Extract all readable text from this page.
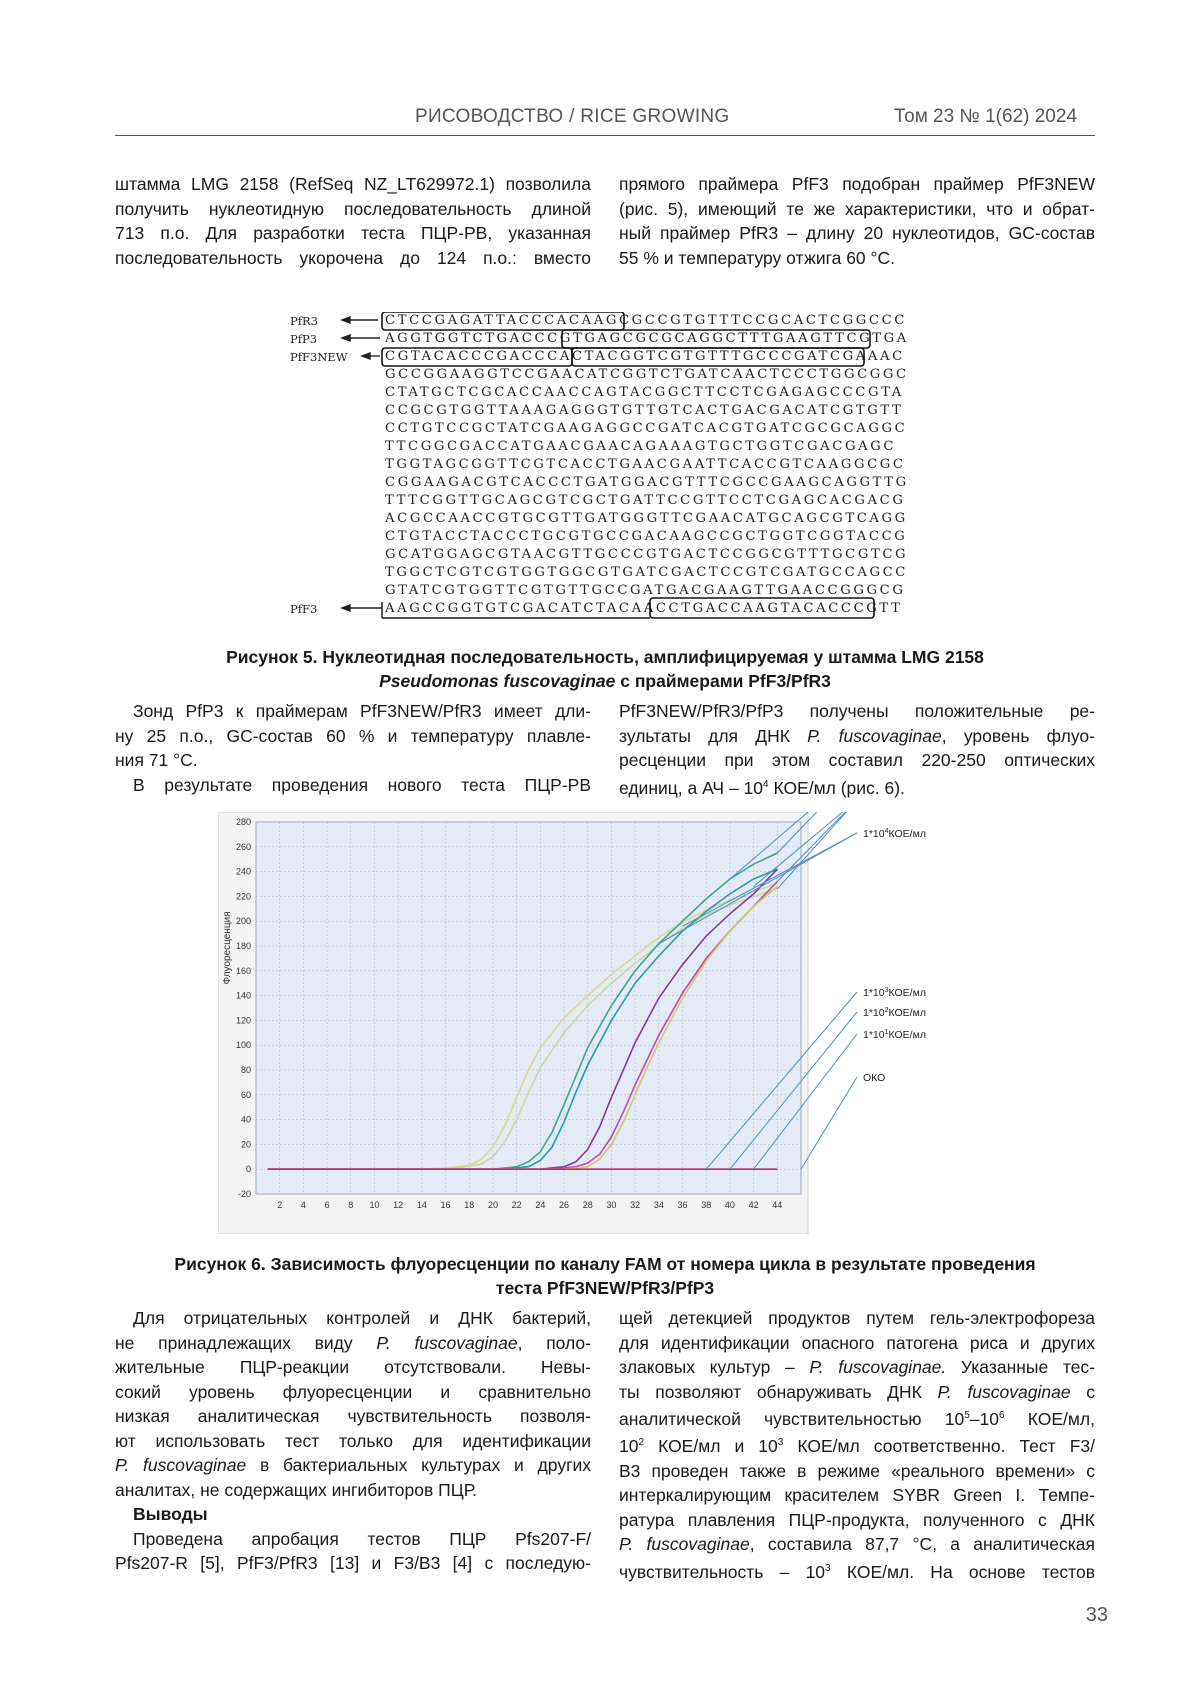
РИСОВОДСТВО / RICE GROWING	Том 23 № 1(62) 2024

штамма LMG 2158 (RefSeq NZ_LT629972.1) позволила

получить нуклеотидную последовательность длиной

713 п.о. Для разработки теста ПЦР-РВ, указанная

последовательность укорочена до 124 п.о.: вместо

прямого праймера PfF3 подобран праймер PfF3NEW

(рис. 5), имеющий те же характеристики, что и обрат-

ный праймер PfR3 – длину 20 нуклеотидов, GC-состав

55 % и температуру отжига 60 °С.

CTCCGAGATTACCCACAAGCGCCGTGTTTCCGCACTCGGCCC
AGGTGGTCTGACCCGTGAGCGCGCAGGCTTTGAAGTTCGTGA
CGTACACCCGACCCACTACGGTCGTGTTTGCCCGATCGAAAC
GCCGGAAGGTCCGAACATCGGTCTGATCAACTCCCTGGCGGC
CTATGCTCGCACCAACCAGTACGGCTTCCTCGAGAGCCCGTA
CCGCGTGGTTAAAGAGGGTGTTGTCACTGACGACATCGTGTT
CCTGTCCGCTATCGAAGAGGCCGATCACGTGATCGCGCAGGC
TTCGGCGACCATGAACGAACAGAAAGTGCTGGTCGACGAGC
TGGTAGCGGTTCGTCACCTGAACGAATTCACCGTCAAGGCGC
CGGAAGACGTCACCCTGATGGACGTTTCGCCGAAGCAGGTTG
TTTCGGTTGCAGCGTCGCTGATTCCGTTCCTCGAGCACGACG
ACGCCAACCGTGCGTTGATGGGTTCGAACATGCAGCGTCAGG
CTGTACCTACCCTGCGTGCCGACAAGCCGCTGGTCGGTACCG
GCATGGAGCGTAACGTTGCCCGTGACTCCGGCGTTTGCGTCG
TGGCTCGTCGTGGTGGCGTGATCGACTCCGTCGATGCCAGCC
GTATCGTGGTTCGTGTTGCCGATGACGAAGTTGAACCGGGCG
AAGCCGGTGTCGACATCTACAACCTGACCAAGTACACCCGTT
PfR3
PfP3
PfF3NEW
PfF3
Рисунок 5. Нуклеотидная последовательность, амплифицируемая у штамма LMG 2158
Pseudomonas fuscovaginae с праймерами PfF3/PfR3

Зонд PfP3 к праймерам PfF3NEW/PfR3 имеет дли-

ну 25 п.о., GC-состав 60 % и температуру плавле-

ния 71 °С.

В результате проведения нового теста ПЦР-РВ

PfF3NEW/PfR3/PfP3 получены положительные ре-

зультаты для ДНК P. fuscovaginae, уровень флуо-

ресценции при этом составил 220-250 оптических

единиц, а АЧ – $10^4$ КОЕ/мл (рис. 6).

2 4 6 8 10 12 14 16 18 20 22 24 26 28 30 32 34 36 38 40 42 44
-20
0
20
40
60
80
100
120
140
160
180
200
220
240
260
280
Флуоресценция
$1*10^4КОЕ/мл$
$1*10^3КОЕ/мл$
$1*10^2КОЕ/мл$
$1*10^1КОЕ/мл$
ОКО
Рисунок 6. Зависимость флуоресценции по каналу FAM от номера цикла в результате проведения
теста PfF3NEW/PfR3/PfP3

Для отрицательных контролей и ДНК бактерий,

не принадлежащих виду P. fuscovaginae, поло-

жительные ПЦР-реакции отсутствовали. Невы-

сокий уровень флуоресценции и сравнительно

низкая аналитическая чувствительность позволя-

ют использовать тест только для идентификации

P. fuscovaginae в бактериальных культурах и других

аналитах, не содержащих ингибиторов ПЦР.

Выводы

Проведена апробация тестов ПЦР Pfs207-F/

Pfs207-R [5], PfF3/PfR3 [13] и F3/B3 [4] с последую-

щей детекцией продуктов путем гель-электрофореза

для идентификации опасного патогена риса и других

злаковых культур – P. fuscovaginae. Указанные тес-

ты позволяют обнаруживать ДНК P. fuscovaginae с

аналитической чувствительностью $10^5-10^6$ КОЕ/мл,

$10^2$ КОЕ/мл и $10^3$ КОЕ/мл соответственно. Тест F3/

B3 проведен также в режиме «реального времени» с

интеркалирующим красителем SYBR Green I. Темпе-

ратура плавления ПЦР-продукта, полученного с ДНК

P. fuscovaginae, составила 87,7 °С, а аналитическая

чувствительность – $10^3$ КОЕ/мл. На основе тестов

33
